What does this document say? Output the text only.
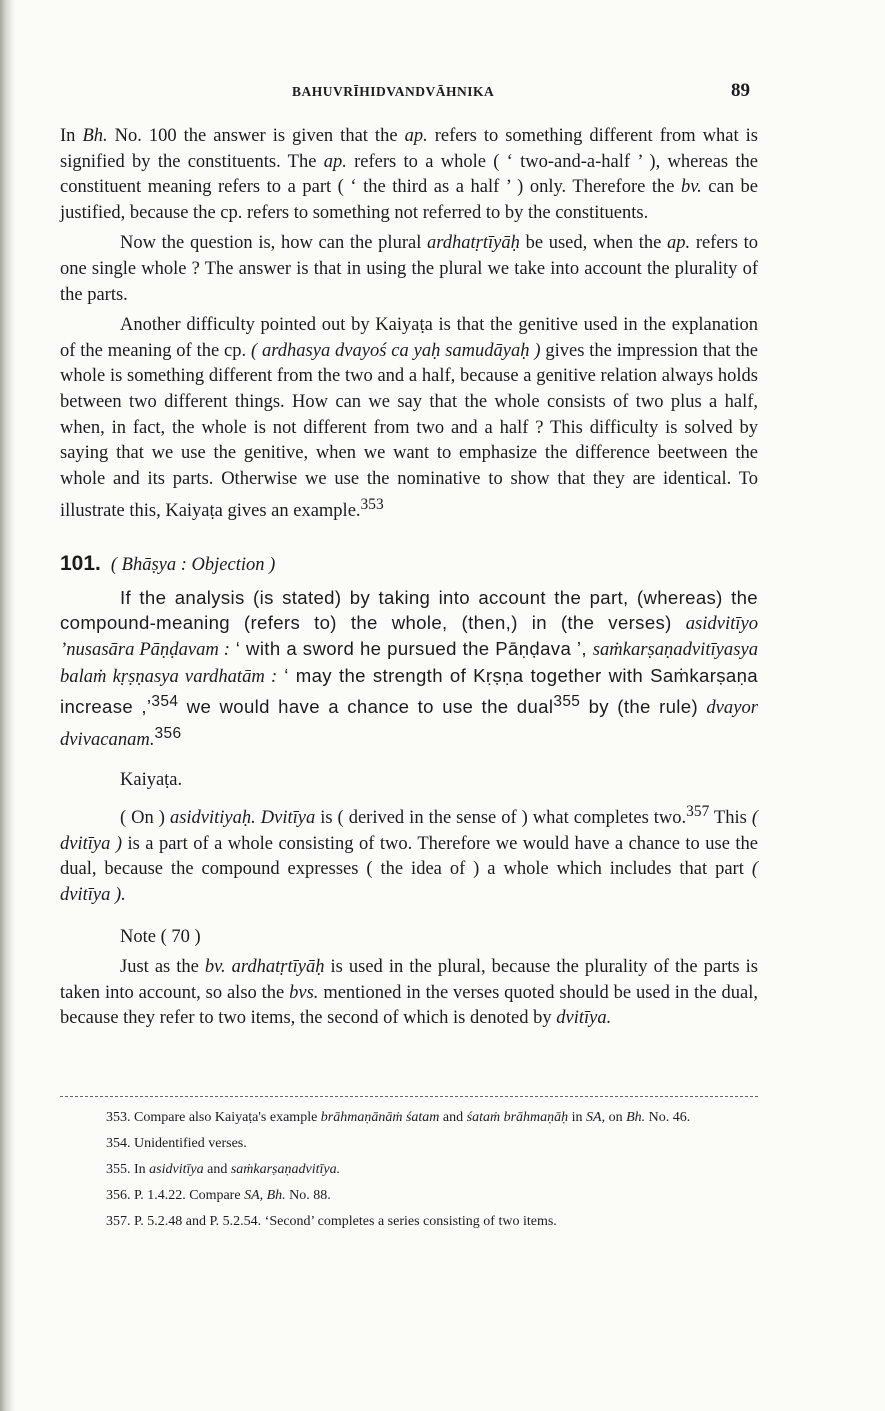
BAHUVRĪHIDVANDVĀHNIKA	89

In Bh. No. 100 the answer is given that the ap. refers to something different from what is signified by the constituents. The ap. refers to a whole ( ‘ two-and-a-half ’ ), whereas the constituent meaning refers to a part ( ‘ the third as a half ’ ) only. Therefore the bv. can be justified, because the cp. refers to something not referred to by the constituents.

Now the question is, how can the plural ardhatṛtīyāḥ be used, when the ap. refers to one single whole ? The answer is that in using the plural we take into account the plurality of the parts.

Another difficulty pointed out by Kaiyaṭa is that the genitive used in the explanation of the meaning of the cp. ( ardhasya dvayoś ca yaḥ samudāyaḥ ) gives the impression that the whole is something different from the two and a half, because a genitive relation always holds between two different things. How can we say that the whole consists of two plus a half, when, in fact, the whole is not different from two and a half ? This difficulty is solved by saying that we use the genitive, when we want to emphasize the difference beetween the whole and its parts. Otherwise we use the nominative to show that they are identical. To illustrate this, Kaiyaṭa gives an example.$^{353}$

101. ( Bhāṣya : Objection )

If the analysis (is stated) by taking into account the part, (whereas) the compound-meaning (refers to) the whole, (then,) in (the verses) asidvitīyo ’nusasāra Pāṇḍavam : ‘ with a sword he pursued the Pāṇḍava ’, saṁkarṣaṇadvitīyasya balaṁ kṛṣṇasya vardhatām : ‘ may the strength of Kṛṣṇa together with Saṁkarṣaṇa increase ,’$^{354}$ we would have a chance to use the dual$^{355}$ by (the rule) dvayor dvivacanam.$^{356}$

Kaiyaṭa.

( On ) asidvitiyaḥ. Dvitīya is ( derived in the sense of ) what completes two.$^{357}$ This ( dvitīya ) is a part of a whole consisting of two. Therefore we would have a chance to use the dual, because the compound expresses ( the idea of ) a whole which includes that part ( dvitīya ).

Note ( 70 )

Just as the bv. ardhatṛtīyāḥ is used in the plural, because the plurality of the parts is taken into account, so also the bvs. mentioned in the verses quoted should be used in the dual, because they refer to two items, the second of which is denoted by dvitīya.

353. Compare also Kaiyaṭa's example brāhmaṇānāṁ śatam and śataṁ brāhmaṇāḥ in SA, on Bh. No. 46.

354. Unidentified verses.

355. In asidvitīya and saṁkarṣaṇadvitīya.

356. P. 1.4.22. Compare SA, Bh. No. 88.

357. P. 5.2.48 and P. 5.2.54. ‘Second’ completes a series consisting of two items.
